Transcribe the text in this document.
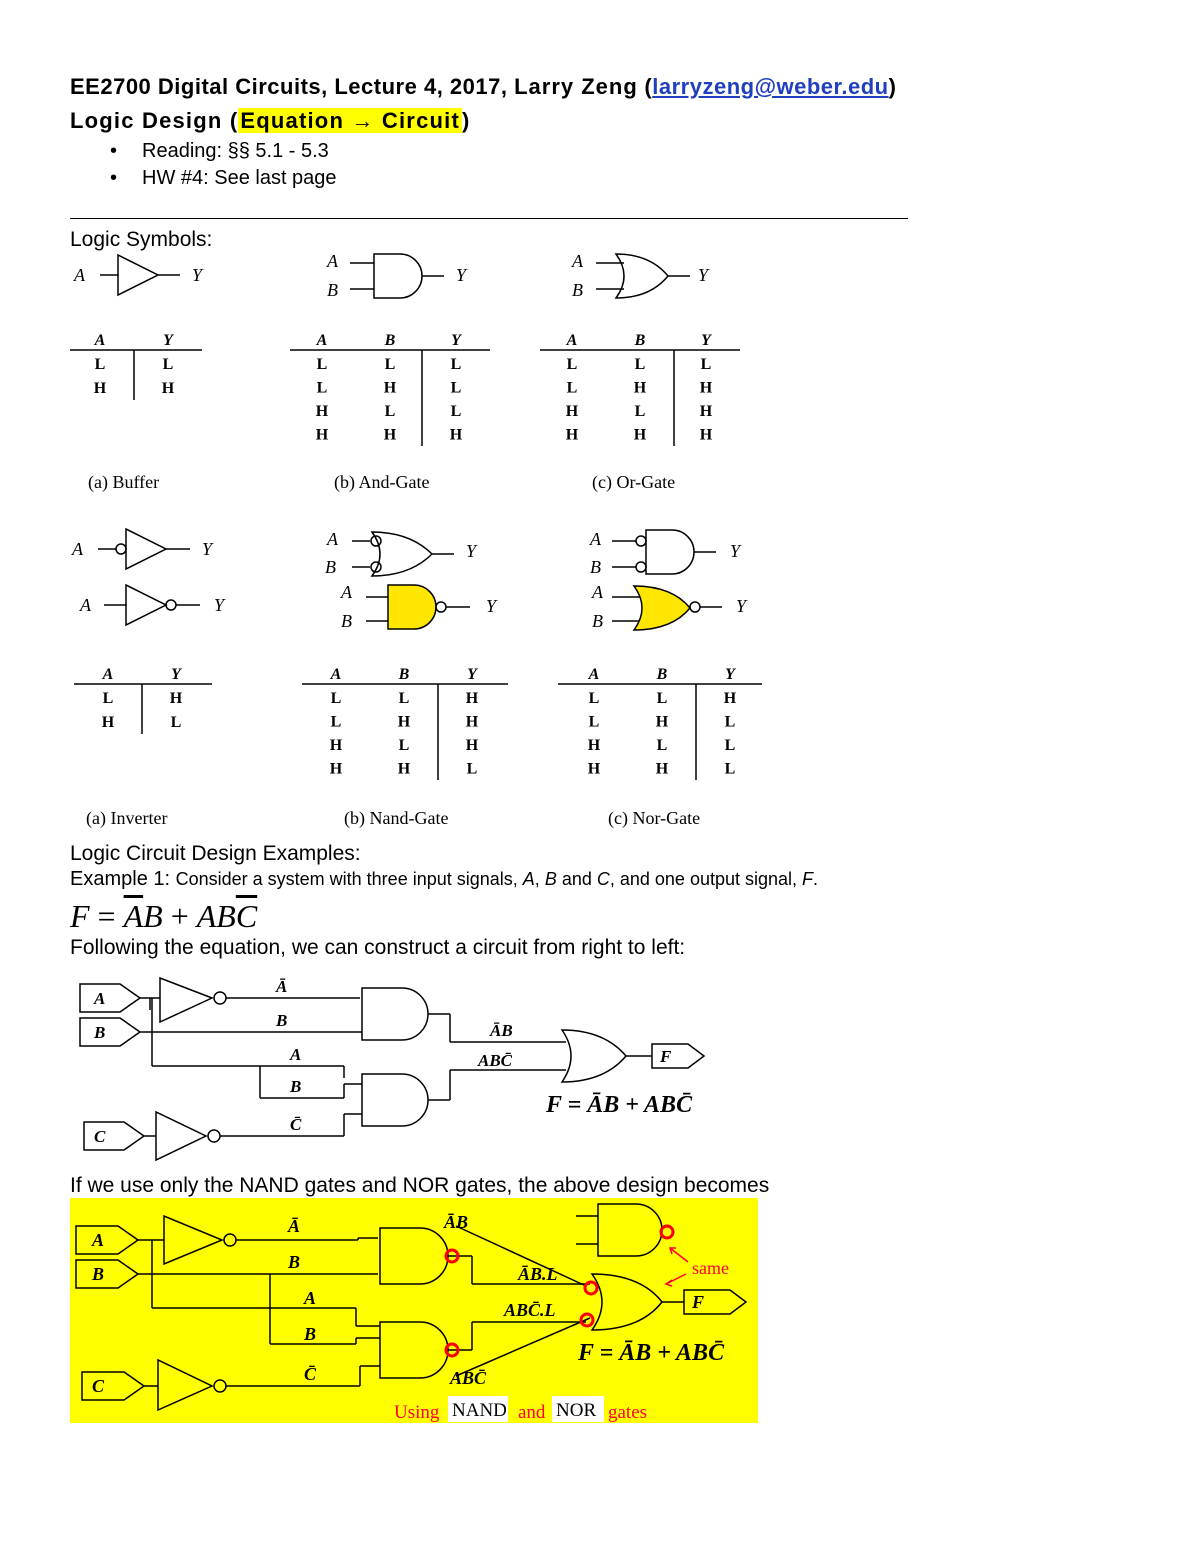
EE2700 Digital Circuits, Lecture 4, 2017, Larry Zeng (larryzeng@weber.edu)
Logic Design (Equation → Circuit)
• Reading: §§ 5.1 - 5.3
• HW #4: See last page
Logic Symbols:
A	Y
A
B
Y
A
B
Y
A	Y
A	Y
A
B
Y
A
B
Y
A
B
Y
A
B
Y
A	Y
L	L
H	H
A	B	Y
L	L	L
L	H	L
H	L	L
H	H	H
A	B	Y
L	L	L
L	H	H
H	L	H
H	H	H
A	Y
L	H
H	L
A	B	Y
L	L	H
L	H	H
H	L	H
H	H	L
A	B	Y
L	L	H
L	H	L
H	L	L
H	H	L
(a) Buffer	(b) And-Gate	(c) Or-Gate
(a) Inverter	(b) Nand-Gate	(c) Nor-Gate
Logic Circuit Design Examples:
Example 1: Consider a system with three input signals, A, B and C, and one output signal, F.
$F = \overline{A}B + AB\overline{C}$
Following the equation, we can construct a circuit from right to left:
A
B
C
F
Ā
B
A
B
C̄
ĀB
ABC̄
F = ĀB + ABC̄
If we use only the NAND gates and NOR gates, the above design becomes
A
B
C
F
Ā
B
A
B
C̄
ĀB
ABC̄
ĀB.L
ABC̄.L
F = ĀB + ABC̄
same
Using NAND and NOR gates
